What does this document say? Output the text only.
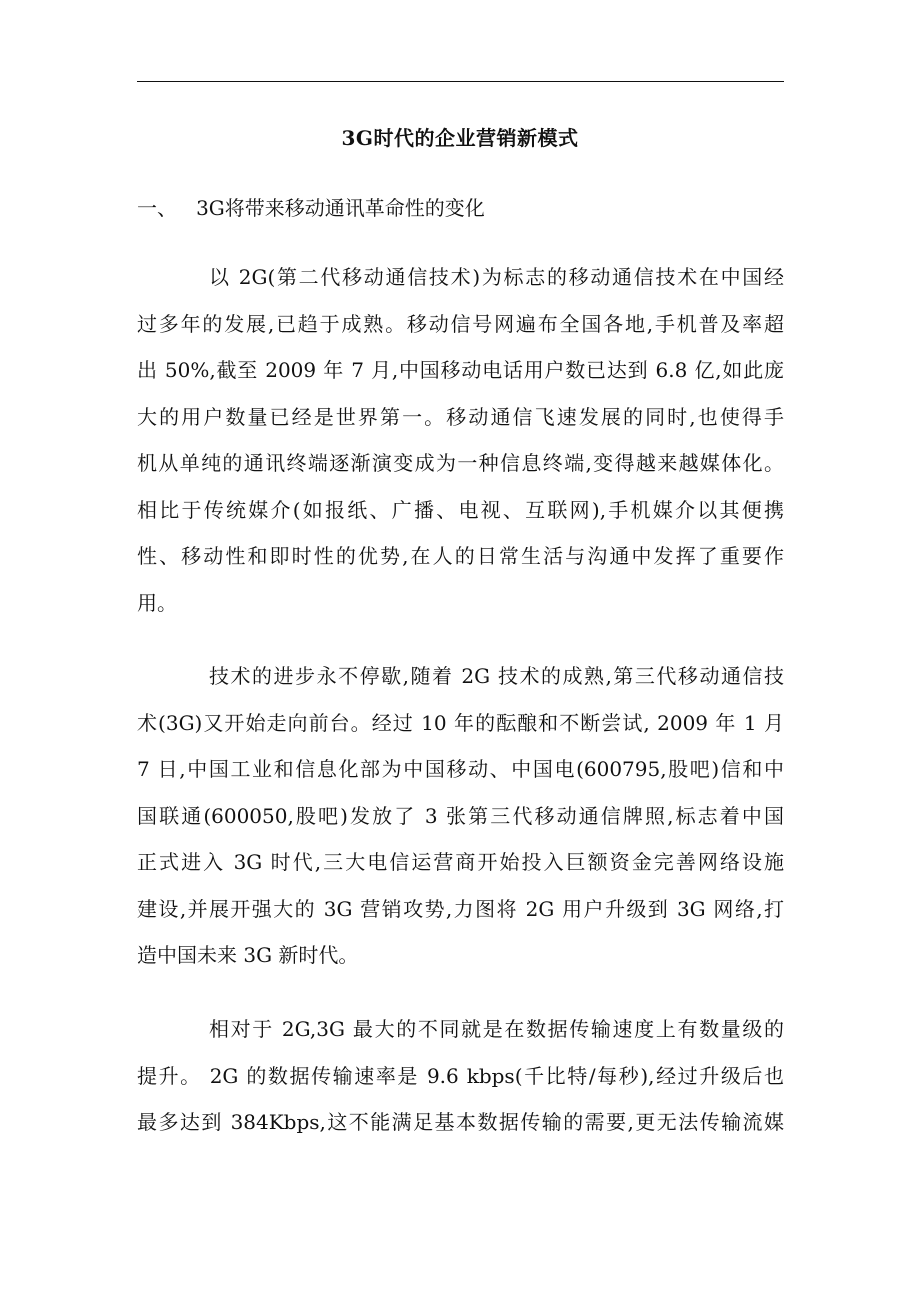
3G时代的企业营销新模式
一、 3G将带来移动通讯革命性的变化
以 2G(第二代移动通信技术)为标志的移动通信技术在中国经
过多年的发展,已趋于成熟。移动信号网遍布全国各地,手机普及率超
出 50%,截至 2009 年 7 月,中国移动电话用户数已达到 6.8 亿,如此庞
大的用户数量已经是世界第一。移动通信飞速发展的同时,也使得手
机从单纯的通讯终端逐渐演变成为一种信息终端,变得越来越媒体化。
相比于传统媒介(如报纸、广播、电视、互联网),手机媒介以其便携
性、移动性和即时性的优势,在人的日常生活与沟通中发挥了重要作
用。
技术的进步永不停歇,随着 2G 技术的成熟,第三代移动通信技
术(3G)又开始走向前台。经过 10 年的酝酿和不断尝试, 2009 年 1 月
7 日,中国工业和信息化部为中国移动、中国电(600795,股吧)信和中
国联通(600050,股吧)发放了 3 张第三代移动通信牌照,标志着中国
正式进入 3G 时代,三大电信运营商开始投入巨额资金完善网络设施
建设,并展开强大的 3G 营销攻势,力图将 2G 用户升级到 3G 网络,打
造中国未来 3G 新时代。
相对于 2G,3G 最大的不同就是在数据传输速度上有数量级的
提升。 2G 的数据传输速率是 9.6 kbps(千比特/每秒),经过升级后也
最多达到 384Kbps,这不能满足基本数据传输的需要,更无法传输流媒
